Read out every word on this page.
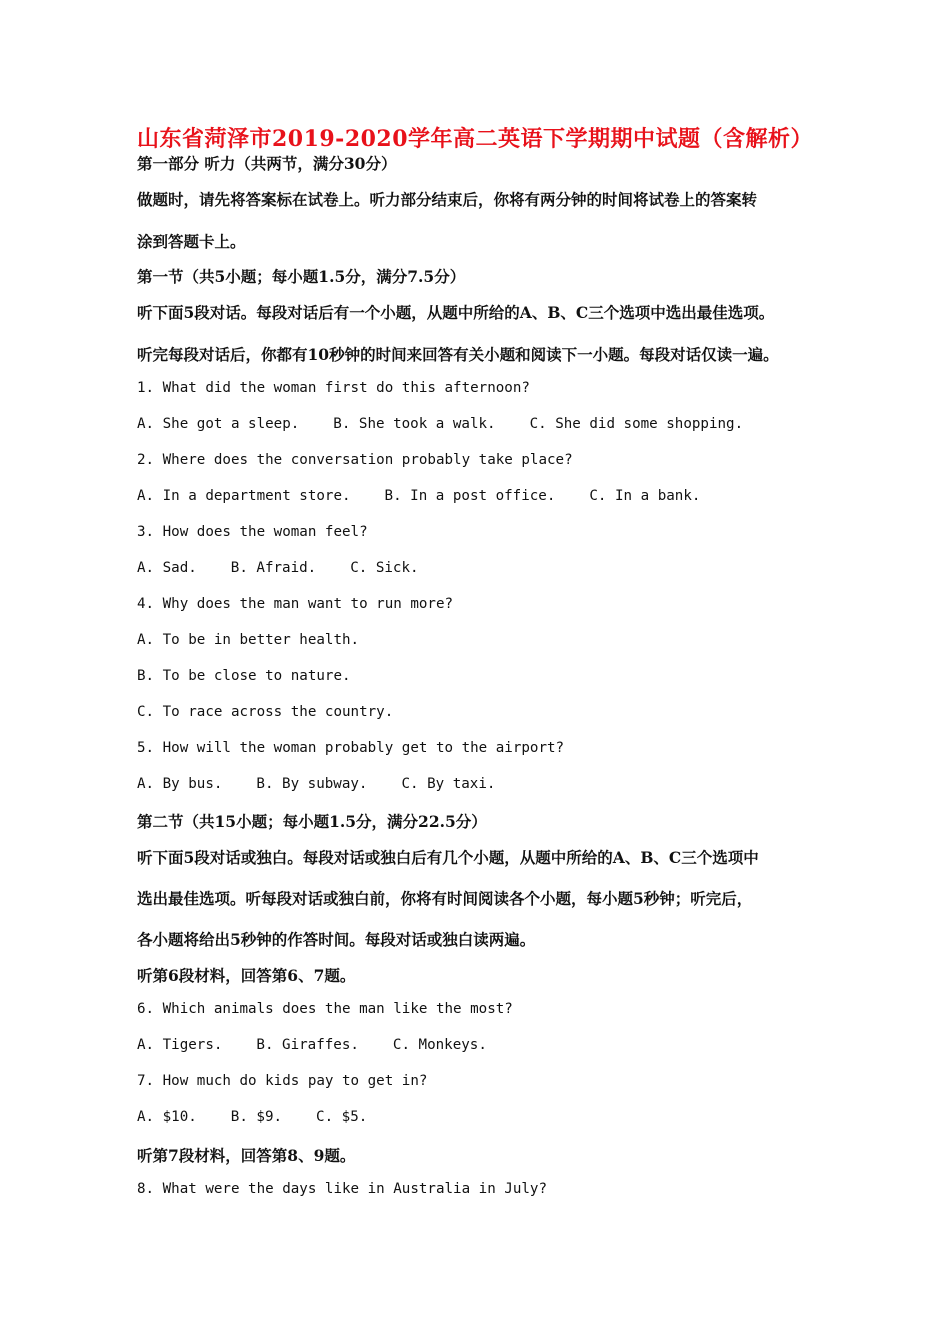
山东省菏泽市2019-2020学年高二英语下学期期中试题（含解析）
第一部分 听力（共两节，满分30分）
做题时，请先将答案标在试卷上。听力部分结束后，你将有两分钟的时间将试卷上的答案转
涂到答题卡上。
第一节（共5小题；每小题1.5分，满分7.5分）
听下面5段对话。每段对话后有一个小题，从题中所给的A、B、C三个选项中选出最佳选项。
听完每段对话后，你都有10秒钟的时间来回答有关小题和阅读下一小题。每段对话仅读一遍。
1. What did the woman first do this afternoon?
A. She got a sleep. B. She took a walk. C. She did some shopping.
2. Where does the conversation probably take place?
A. In a department store. B. In a post office. C. In a bank.
3. How does the woman feel?
A. Sad. B. Afraid. C. Sick.
4. Why does the man want to run more?
A. To be in better health.
B. To be close to nature.
C. To race across the country.
5. How will the woman probably get to the airport?
A. By bus. B. By subway. C. By taxi.
第二节（共15小题；每小题1.5分，满分22.5分）
听下面5段对话或独白。每段对话或独白后有几个小题，从题中所给的A、B、C三个选项中
选出最佳选项。听每段对话或独白前，你将有时间阅读各个小题，每小题5秒钟；听完后，
各小题将给出5秒钟的作答时间。每段对话或独白读两遍。
听第6段材料，回答第6、7题。
6. Which animals does the man like the most?
A. Tigers. B. Giraffes. C. Monkeys.
7. How much do kids pay to get in?
A. $10. B. $9. C. $5.
听第7段材料，回答第8、9题。
8. What were the days like in Australia in July?
